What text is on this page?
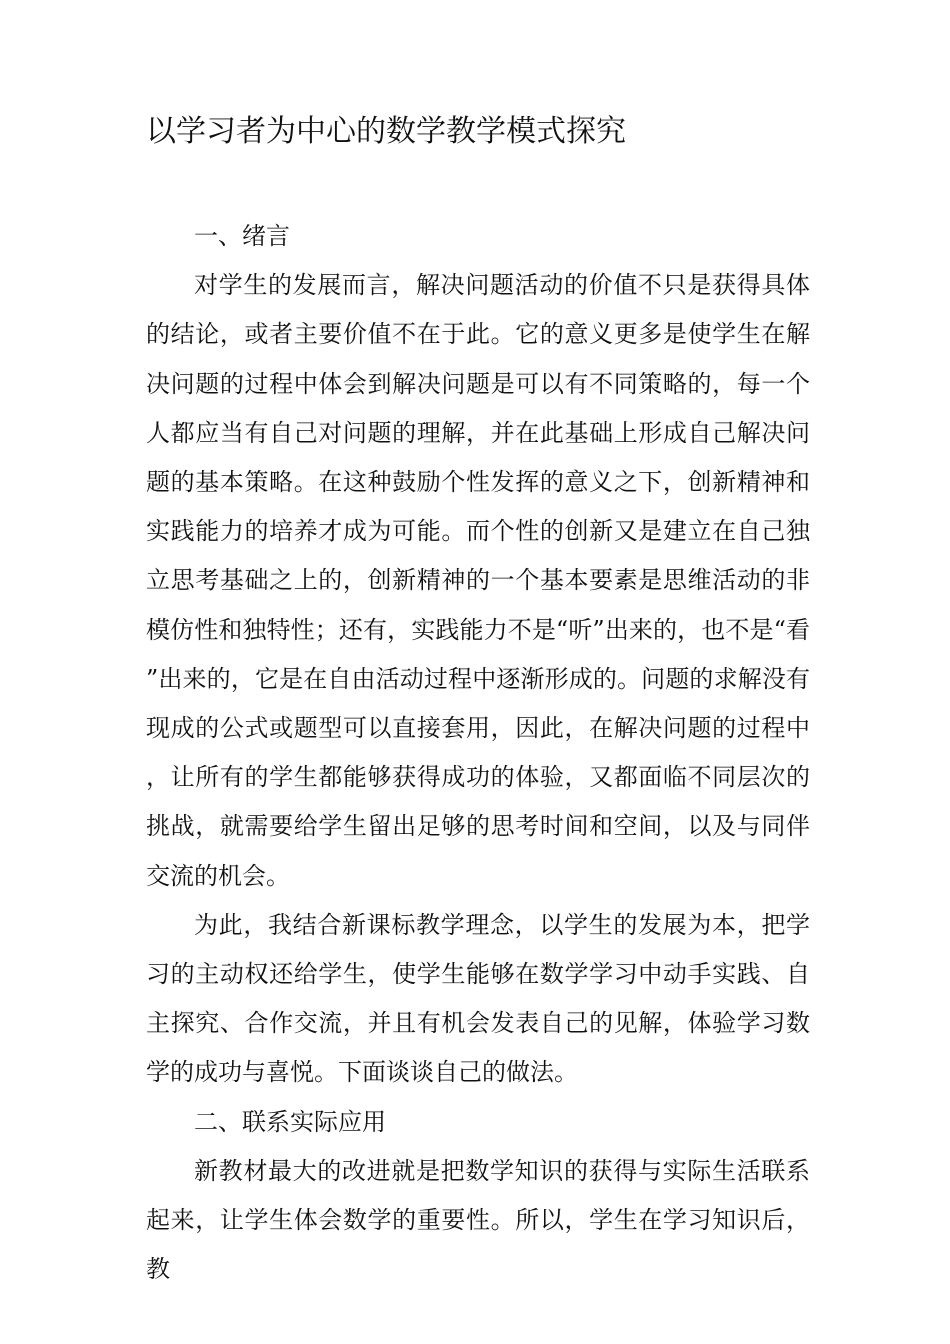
以学习者为中心的数学教学模式探究

一、绪言

对学生的发展而言，解决问题活动的价值不只是获得具体的结论，或者主要价值不在于此。它的意义更多是使学生在解决问题的过程中体会到解决问题是可以有不同策略的，每一个人都应当有自己对问题的理解，并在此基础上形成自己解决问题的基本策略。在这种鼓励个性发挥的意义之下，创新精神和实践能力的培养才成为可能。而个性的创新又是建立在自己独立思考基础之上的，创新精神的一个基本要素是思维活动的非模仿性和独特性；还有，实践能力不是“听”出来的，也不是“看”出来的，它是在自由活动过程中逐渐形成的。问题的求解没有现成的公式或题型可以直接套用，因此，在解决问题的过程中，让所有的学生都能够获得成功的体验，又都面临不同层次的挑战，就需要给学生留出足够的思考时间和空间，以及与同伴交流的机会。

为此，我结合新课标教学理念，以学生的发展为本，把学习的主动权还给学生，使学生能够在数学学习中动手实践、自主探究、合作交流，并且有机会发表自己的见解，体验学习数学的成功与喜悦。下面谈谈自己的做法。

二、联系实际应用

新教材最大的改进就是把数学知识的获得与实际生活联系起来，让学生体会数学的重要性。所以，学生在学习知识后，教
